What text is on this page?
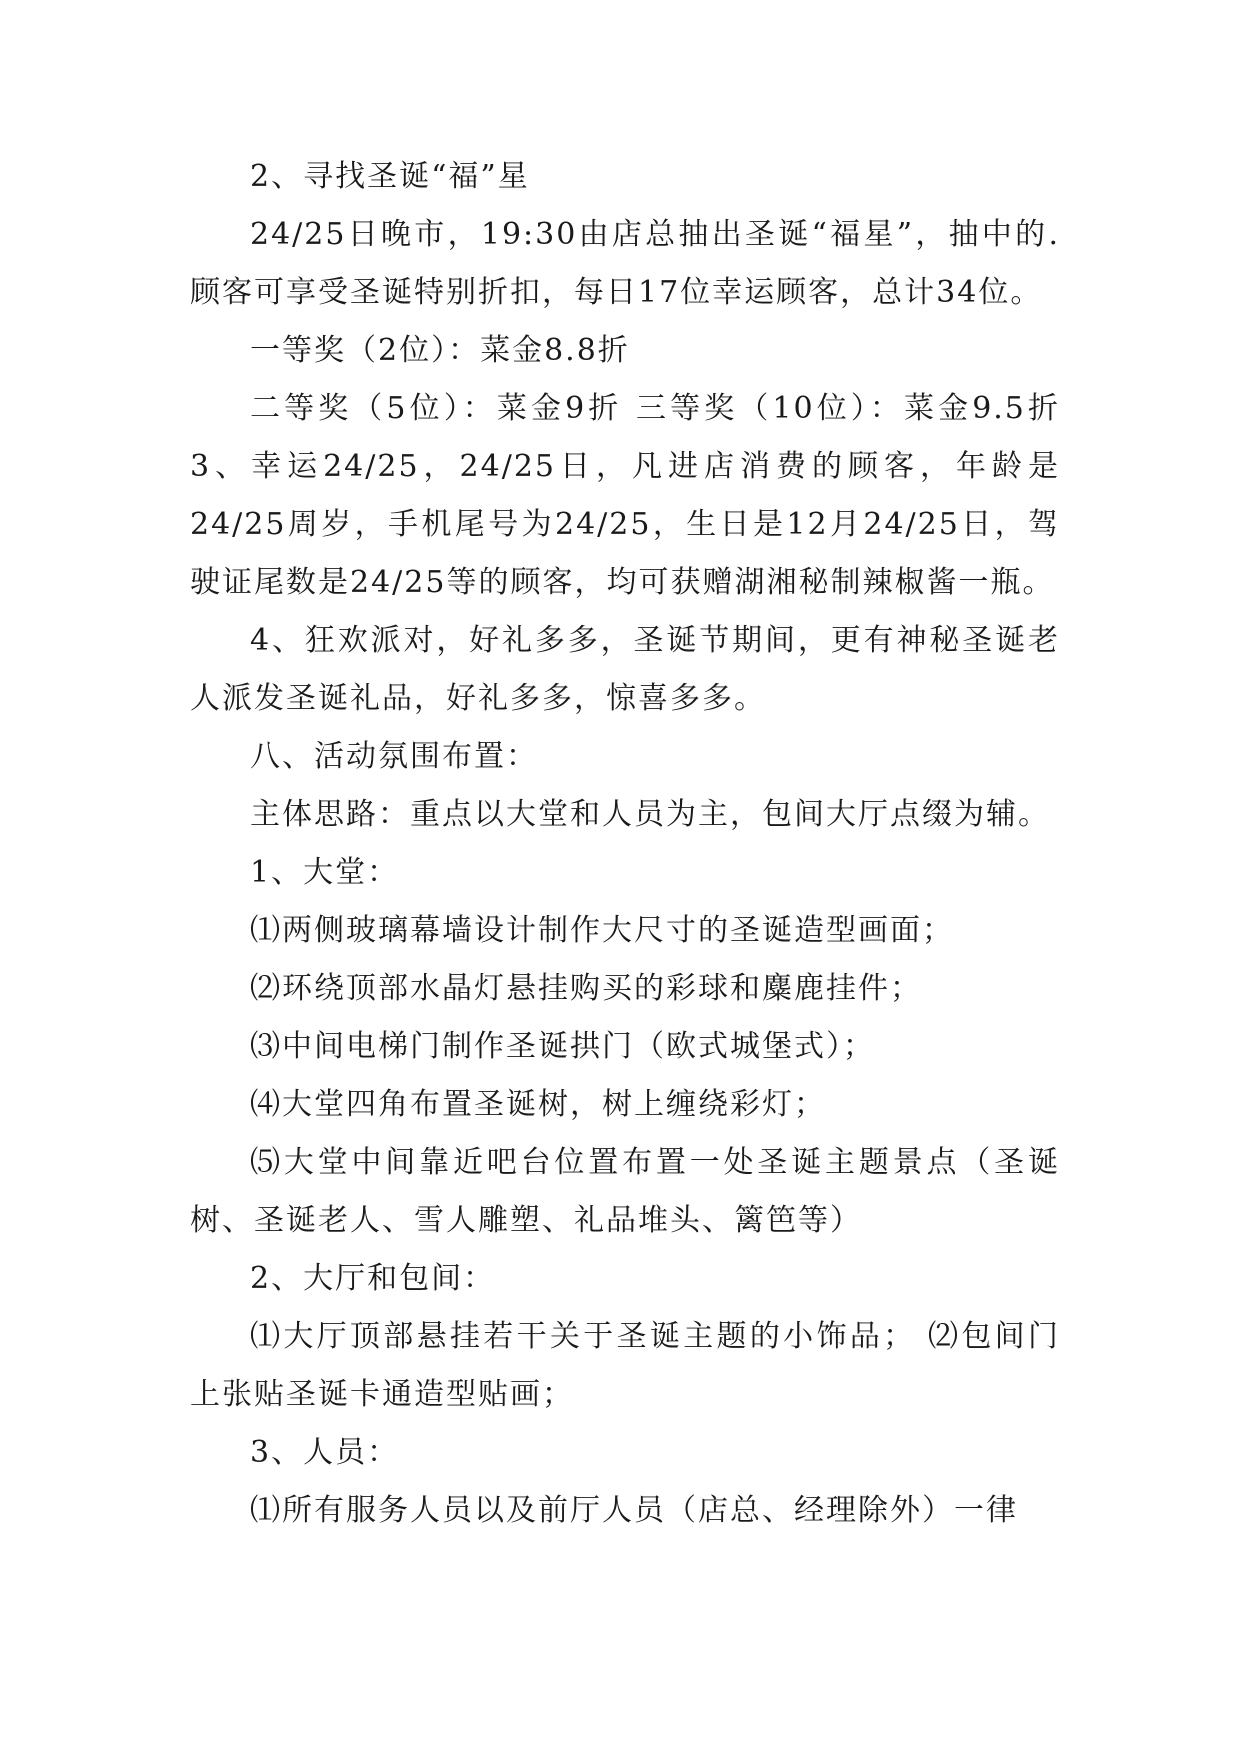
2、寻找圣诞“福”星

24/25日晚市，19:30由店总抽出圣诞“福星”，抽中的.顾客可享受圣诞特别折扣，每日17位幸运顾客，总计34位。

一等奖（2位）：菜金8.8折

二等奖（5位）：菜金9折 三等奖（10位）：菜金9.5折 3、幸运24/25，24/25日，凡进店消费的顾客，年龄是24/25周岁，手机尾号为24/25，生日是12月24/25日，驾驶证尾数是24/25等的顾客，均可获赠湖湘秘制辣椒酱一瓶。

4、狂欢派对，好礼多多，圣诞节期间，更有神秘圣诞老人派发圣诞礼品，好礼多多，惊喜多多。

八、活动氛围布置：

主体思路：重点以大堂和人员为主，包间大厅点缀为辅。

1、大堂：

⑴两侧玻璃幕墙设计制作大尺寸的圣诞造型画面；

⑵环绕顶部水晶灯悬挂购买的彩球和麋鹿挂件；

⑶中间电梯门制作圣诞拱门（欧式城堡式）；

⑷大堂四角布置圣诞树，树上缠绕彩灯；

⑸大堂中间靠近吧台位置布置一处圣诞主题景点（圣诞树、圣诞老人、雪人雕塑、礼品堆头、篱笆等）

2、大厅和包间：

⑴大厅顶部悬挂若干关于圣诞主题的小饰品； ⑵包间门上张贴圣诞卡通造型贴画；

3、人员：

⑴所有服务人员以及前厅人员（店总、经理除外）一律
